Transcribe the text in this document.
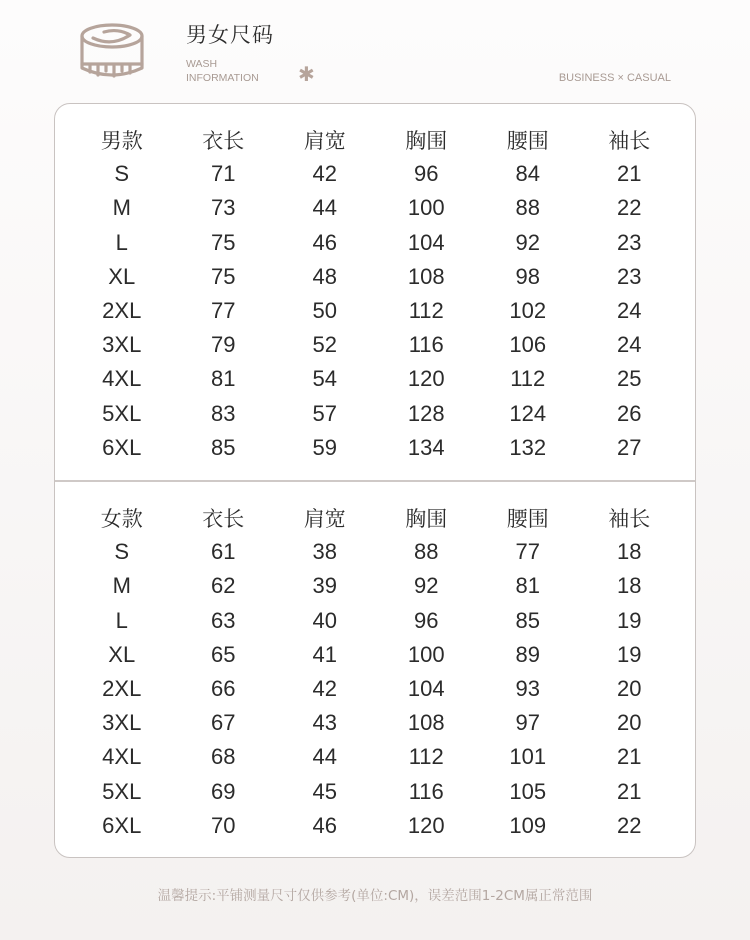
男女尺码
WASH
INFORMATION ✱	BUSINESS × CASUAL
男款	衣长	肩宽	胸围	腰围	袖长
S	71	42	96	84	21
M	73	44	100	88	22
L	75	46	104	92	23
XL	75	48	108	98	23
2XL	77	50	112	102	24
3XL	79	52	116	106	24
4XL	81	54	120	112	25
5XL	83	57	128	124	26
6XL	85	59	134	132	27
女款	衣长	肩宽	胸围	腰围	袖长
S	61	38	88	77	18
M	62	39	92	81	18
L	63	40	96	85	19
XL	65	41	100	89	19
2XL	66	42	104	93	20
3XL	67	43	108	97	20
4XL	68	44	112	101	21
5XL	69	45	116	105	21
6XL	70	46	120	109	22
温馨提示:平铺测量尺寸仅供参考(单位:CM)，误差范围1-2CM属正常范围
